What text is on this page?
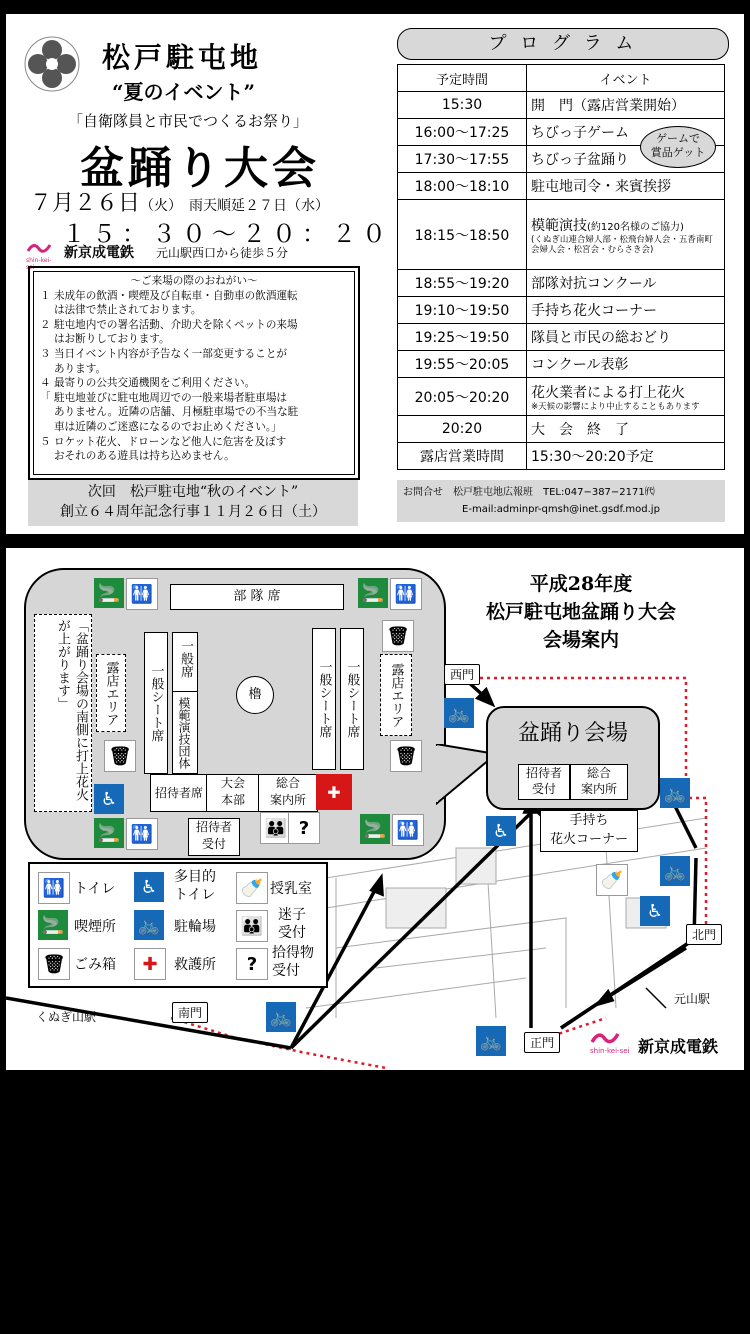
松戸駐屯地
“夏のイベント”
「自衛隊員と市民でつくるお祭り」
盆踊り大会
７月２６日（火） 雨天順延２７日（水）
１５：３０～２０：２０
shin-kei-sei
新京成電鉄 元山駅西口から徒歩５分
～ご来場の際のおねがい～
１ 未成年の飲酒・喫煙及び自転車・自動車の飲酒運転
　 は法律で禁止されております。
２ 駐屯地内での署名活動、介助犬を除くペットの来場
　 はお断りしております。
３ 当日イベント内容が予告なく一部変更することが
　 あります。
４ 最寄りの公共交通機関をご利用ください。
「 駐屯地並びに駐屯地周辺での一般来場者駐車場は
　 ありません。近隣の店舗、月極駐車場での不当な駐
　 車は近隣のご迷惑になるのでお止めください。」
５ ロケット花火、ドローンなど他人に危害を及ぼす
　 おそれのある遊具は持ち込めません。
次回　松戸駐屯地“秋のイベント”
創立６４周年記念行事１１月２６日（土）
プ ロ グ ラ ム
予定時間	イベント
15:30	開　門（露店営業開始）
16:00～17:25	ちびっ子ゲーム
17:30～17:55	ちびっ子盆踊り
18:00～18:10	駐屯地司令・来賓挨拶
18:15～18:50	模範演技(約120名様のご協力)
(くぬぎ山連合婦人部・松飛台婦人会・五香南町会婦人会・松宮会・むらさき会)

18:55～19:20	部隊対抗コンクール
19:10～19:50	手持ち花火コーナー
19:25～19:50	隊員と市民の総おどり
19:55～20:05	コンクール表彰
20:05～20:20	花火業者による打上花火
※天候の影響により中止することもあります

20:20	大　会　終　了
露店営業時間	15:30～20:20予定
ゲームで
賞品ゲット
お問合せ　松戸駐屯地広報班　TEL:047−387−2171㈹
E-mail:adminpr-qmsh@inet.gsdf.mod.jp
部 隊 席
一般シート席
一般席
模範演技団体	一般シート席	一般シート席
櫓
露店エリア	露店エリア
「盆踊り会場の南側に打上花火が上がります」
招待者席
大会
本部
総合
案内所	✚
招待者
受付
👪 ?
🚬 🚻	🚬 🚻
🗑
🗑
🗑
♿
🚬 🚻	🚬 🚻
平成28年度
松戸駐屯地盆踊り大会
会場案内
盆踊り会場
招待者
受付
総合
案内所
手持ち
花火コーナー
🚲
🚲
🚲
🚲
🚲
♿
♿
🍼
西門
北門
南門
正門
元山駅
くぬぎ山駅
shin-kei-sei 新京成電鉄
🚻 トイレ	♿	多目的
トイレ 🍼 授乳室
🚬 喫煙所 🚲 駐輪場 👪
迷子
受付
🗑 ごみ箱	✚	救護所	?
拾得物
受付
